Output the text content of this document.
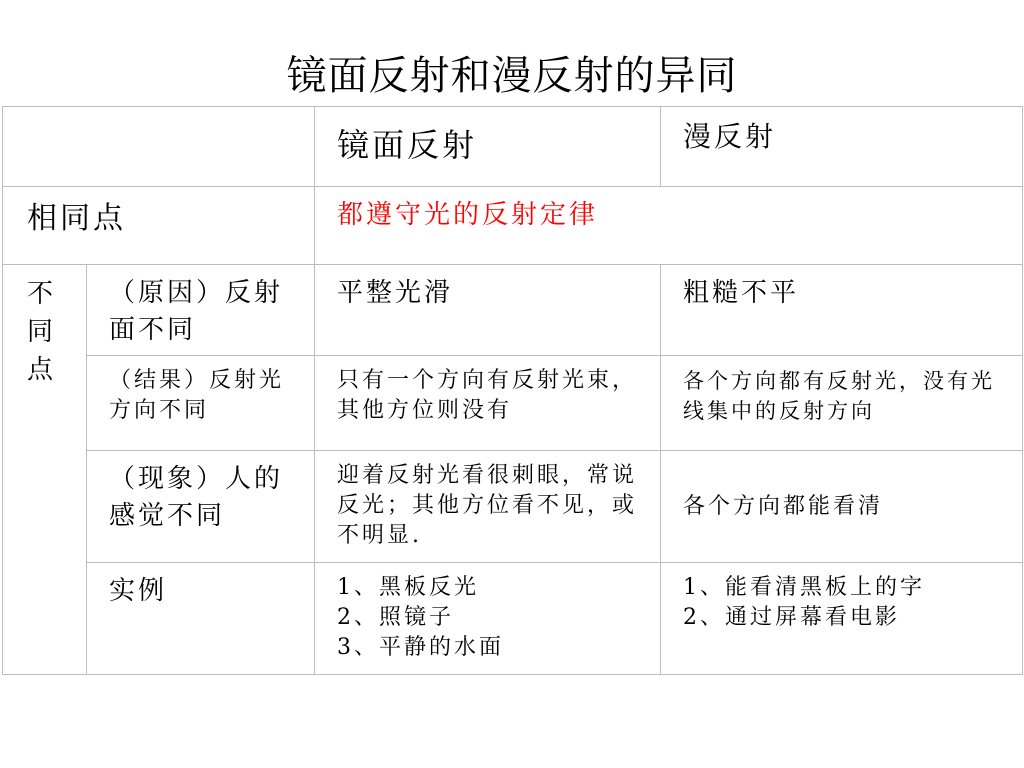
镜面反射和漫反射的异同

		镜面反射	漫反射

相同点		都遵守光的反射定律	

不同点	（原因）反射面不同	平整光滑	粗糙不平

	（结果）反射光方向不同	只有一个方向有反射光束，其他方位则没有	各个方向都有反射光，没有光线集中的反射方向

	（现象）人的感觉不同	迎着反射光看很刺眼，常说反光；其他方位看不见，或不明显.	各个方向都能看清

	实例	1、黑板反光
2、照镜子
3、平静的水面	1、能看清黑板上的字
2、通过屏幕看电影
